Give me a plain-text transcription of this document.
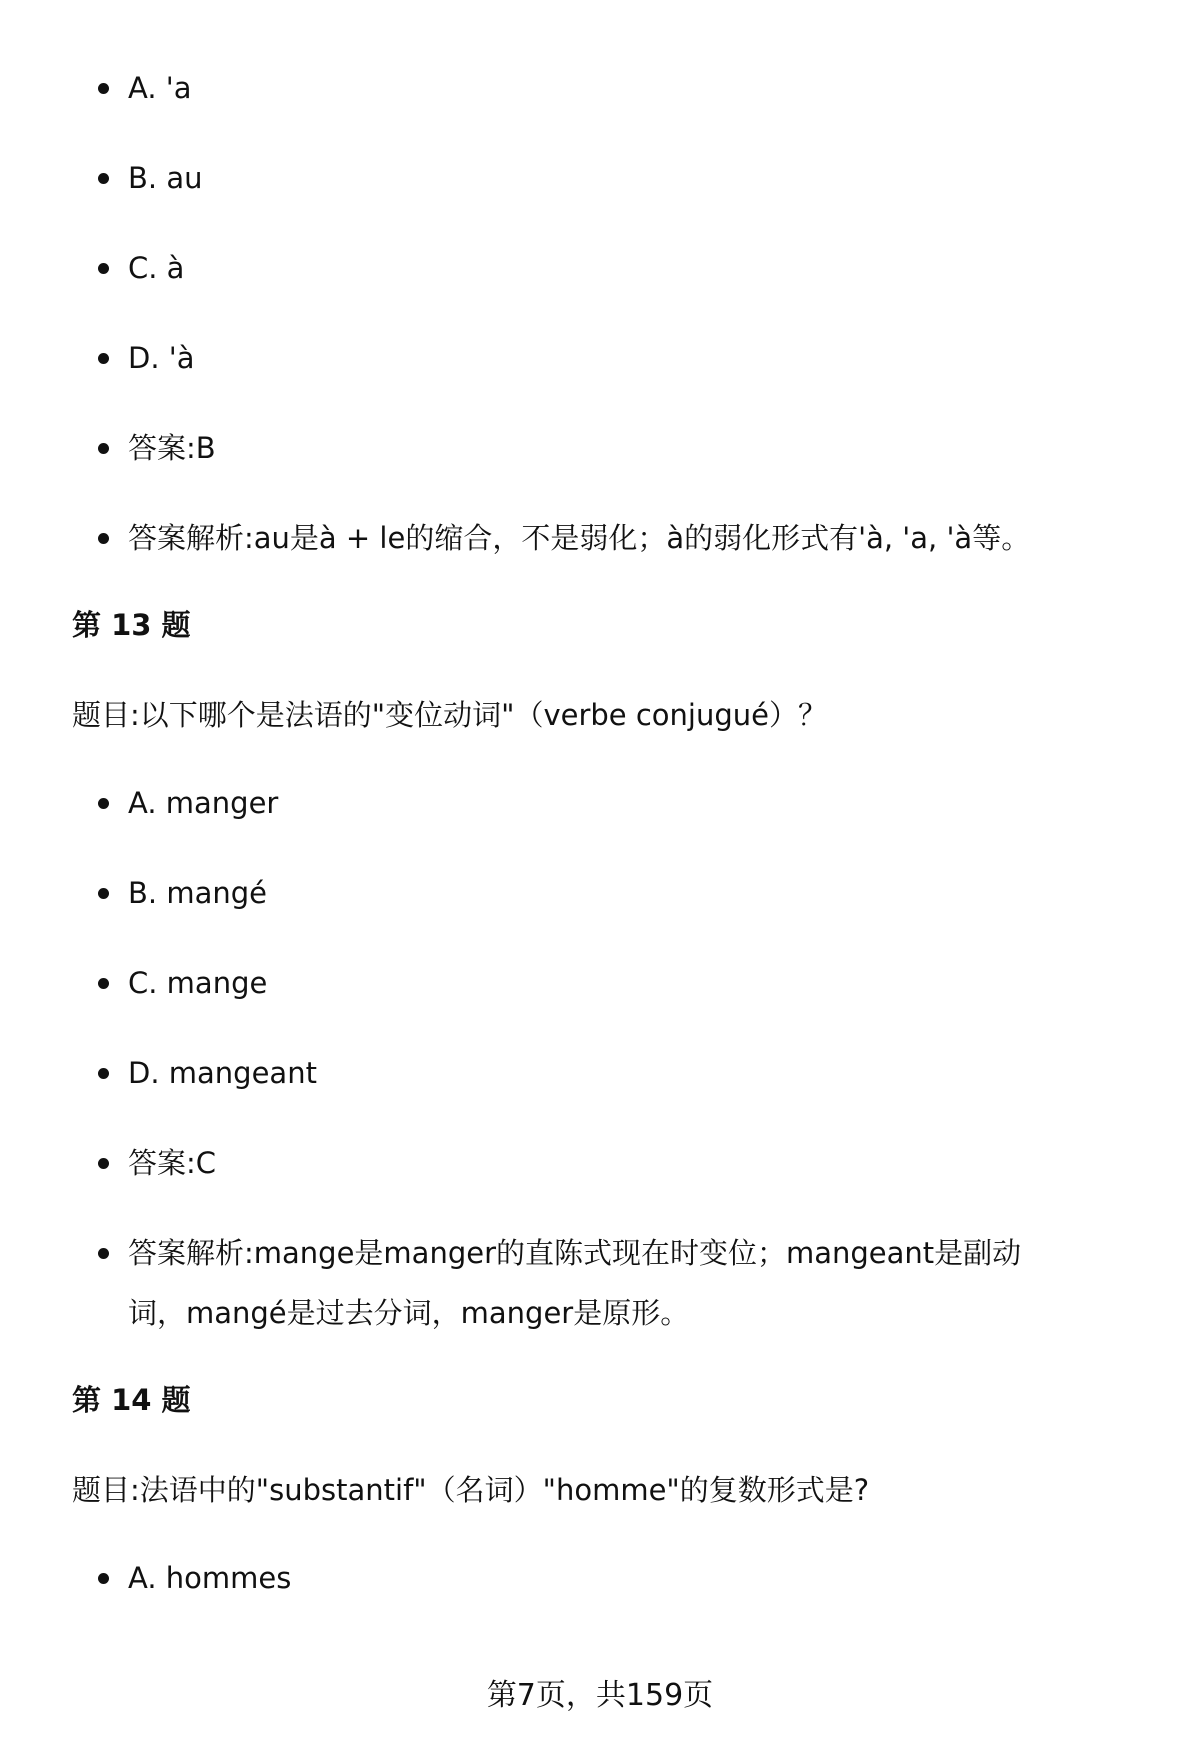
A. 'a
B. au
C. à
D. 'à
答案:B
答案解析:au是à + le的缩合，不是弱化；à的弱化形式有'à, 'a, 'à等。
第 13 题
题目:以下哪个是法语的"变位动词"（verbe conjugué）？
A. manger
B. mangé
C. mange
D. mangeant
答案:C
答案解析:mange是manger的直陈式现在时变位；mangeant是副动词，mangé是过去分词，manger是原形。
第 14 题
题目:法语中的"substantif"（名词）"homme"的复数形式是?
A. hommes
第7页，共159页
